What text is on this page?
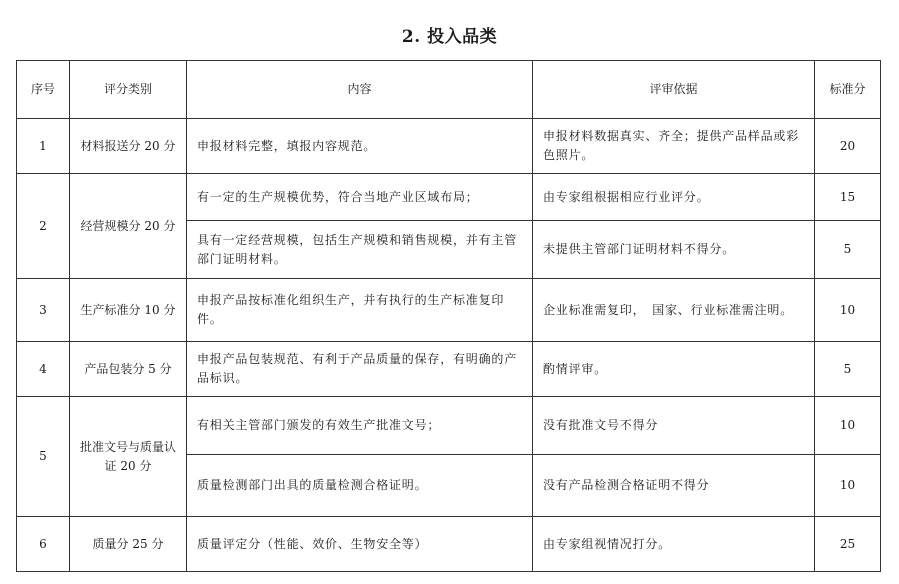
2. 投入品类
序号	评分类别	内容	评审依据	标准分
1	材料报送分 20 分	申报材料完整，填报内容规范。	申报材料数据真实、齐全；提供产品样品或彩色照片。	20
2	经营规模分 20 分	有一定的生产规模优势，符合当地产业区域布局；	由专家组根据相应行业评分。	15
		具有一定经营规模，包括生产规模和销售规模，并有主管部门证明材料。	未提供主管部门证明材料不得分。	5
3	生产标准分 10 分	申报产品按标准化组织生产，并有执行的生产标准复印件。	企业标准需复印，　国家、行业标准需注明。	10
4	产品包装分 5 分	申报产品包装规范、有利于产品质量的保存，有明确的产品标识。	酌情评审。	5
5	批准文号与质量认证 20 分	有相关主管部门颁发的有效生产批准文号；	没有批准文号不得分	10
		质量检测部门出具的质量检测合格证明。	没有产品检测合格证明不得分	10
6	质量分 25 分	质量评定分（性能、效价、生物安全等）	由专家组视情况打分。	25
